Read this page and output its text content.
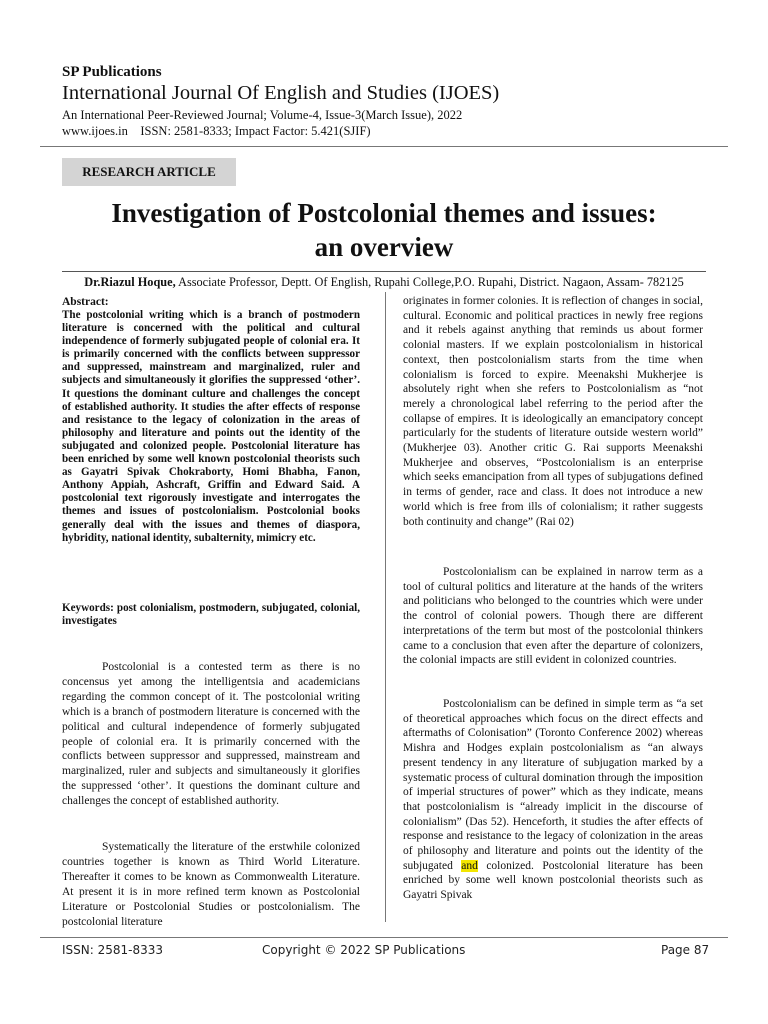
SP Publications
International Journal Of English and Studies (IJOES)
An International Peer-Reviewed Journal; Volume-4, Issue-3(March Issue), 2022
www.ijoes.in ISSN: 2581-8333; Impact Factor: 5.421(SJIF)
RESEARCH ARTICLE
Investigation of Postcolonial themes and issues:
an overview
Dr.Riazul Hoque, Associate Professor, Deptt. Of English, Rupahi College,P.O. Rupahi, District. Nagaon, Assam- 782125
Abstract:
The postcolonial writing which is a branch of postmodern literature is concerned with the political and cultural independence of formerly subjugated people of colonial era. It is primarily concerned with the conflicts between suppressor and suppressed, mainstream and marginalized, ruler and subjects and simultaneously it glorifies the suppressed ‘other’. It questions the dominant culture and challenges the concept of established authority. It studies the after effects of response and resistance to the legacy of colonization in the areas of philosophy and literature and points out the identity of the subjugated and colonized people. Postcolonial literature has been enriched by some well known postcolonial theorists such as Gayatri Spivak Chokraborty, Homi Bhabha, Fanon, Anthony Appiah, Ashcraft, Griffin and Edward Said. A postcolonial text rigorously investigate and interrogates the themes and issues of postcolonialism. Postcolonial books generally deal with the issues and themes of diaspora, hybridity, national identity, subalternity, mimicry etc.
Keywords: post colonialism, postmodern, subjugated, colonial, investigates
Postcolonial is a contested term as there is no concensus yet among the intelligentsia and academicians regarding the common concept of it. The postcolonial writing which is a branch of postmodern literature is concerned with the political and cultural independence of formerly subjugated people of colonial era. It is primarily concerned with the conflicts between suppressor and suppressed, mainstream and marginalized, ruler and subjects and simultaneously it glorifies the suppressed ‘other’. It questions the dominant culture and challenges the concept of established authority.
Systematically the literature of the erstwhile colonized countries together is known as Third World Literature. Thereafter it comes to be known as Commonwealth Literature. At present it is in more refined term known as Postcolonial Literature or Postcolonial Studies or postcolonialism. The postcolonial literature
originates in former colonies. It is reflection of changes in social, cultural. Economic and political practices in newly free regions and it rebels against anything that reminds us about former colonial masters. If we explain postcolonialism in historical context, then postcolonialism starts from the time when colonialism is forced to expire. Meenakshi Mukherjee is absolutely right when she refers to Postcolonialism as “not merely a chronological label referring to the period after the collapse of empires. It is ideologically an emancipatory concept particularly for the students of literature outside western world” (Mukherjee 03). Another critic G. Rai supports Meenakshi Mukherjee and observes, “Postcolonialism is an enterprise which seeks emancipation from all types of subjugations defined in terms of gender, race and class. It does not introduce a new world which is free from ills of colonialism; it rather suggests both continuity and change” (Rai 02)
Postcolonialism can be explained in narrow term as a tool of cultural politics and literature at the hands of the writers and politicians who belonged to the countries which were under the control of colonial powers. Though there are different interpretations of the term but most of the postcolonial thinkers came to a conclusion that even after the departure of colonizers, the colonial impacts are still evident in colonized countries.
Postcolonialism can be defined in simple term as “a set of theoretical approaches which focus on the direct effects and aftermaths of Colonisation” (Toronto Conference 2002) whereas Mishra and Hodges explain postcolonialism as “an always present tendency in any literature of subjugation marked by a systematic process of cultural domination through the imposition of imperial structures of power” which as they indicate, means that postcolonialism is “already implicit in the discourse of colonialism” (Das 52). Henceforth, it studies the after effects of response and resistance to the legacy of colonization in the areas of philosophy and literature and points out the identity of the subjugated and colonized. Postcolonial literature has been enriched by some well known postcolonial theorists such as Gayatri Spivak
ISSN: 2581-8333	Copyright © 2022 SP Publications	Page 87
